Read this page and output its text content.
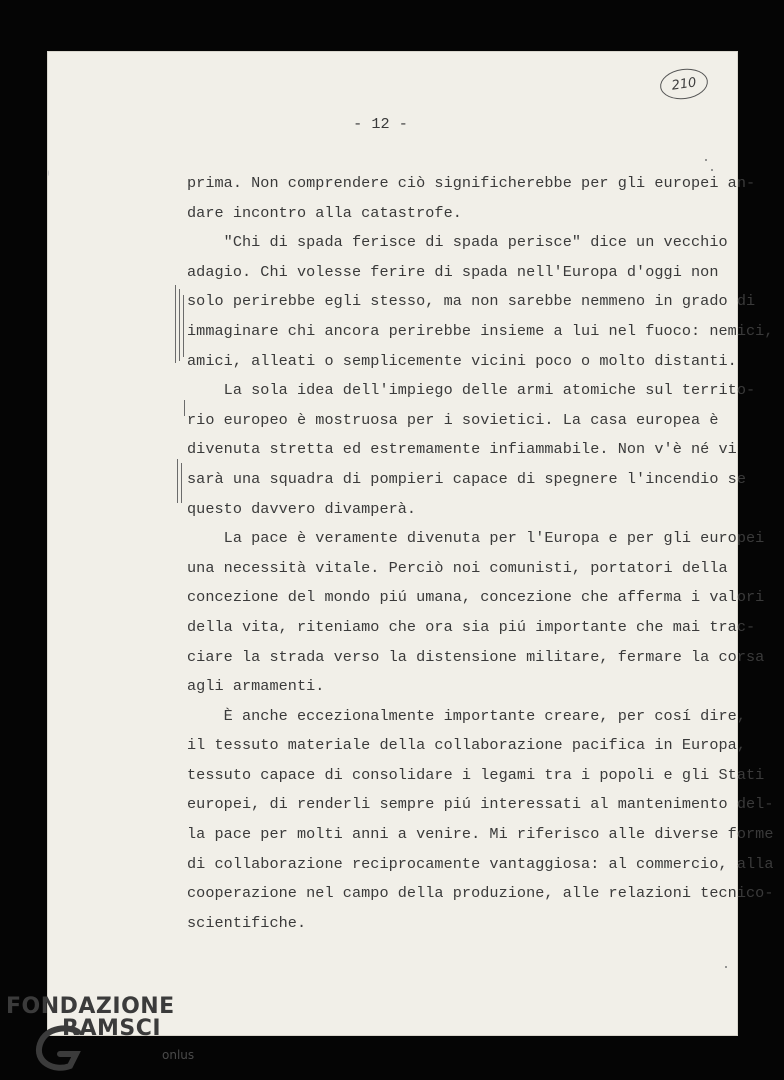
210
- 12 -
prima. Non comprendere ciò significherebbe per gli europei an-
dare incontro alla catastrofe.
"Chi di spada ferisce di spada perisce" dice un vecchio
adagio. Chi volesse ferire di spada nell'Europa d'oggi non
solo perirebbe egli stesso, ma non sarebbe nemmeno in grado di
immaginare chi ancora perirebbe insieme a lui nel fuoco: nemici,
amici, alleati o semplicemente vicini poco o molto distanti.
La sola idea dell'impiego delle armi atomiche sul territo-
rio europeo è mostruosa per i sovietici. La casa europea è
divenuta stretta ed estremamente infiammabile. Non v'è né vi
sarà una squadra di pompieri capace di spegnere l'incendio se
questo davvero divamperà.
La pace è veramente divenuta per l'Europa e per gli europei
una necessità vitale. Perciò noi comunisti, portatori della
concezione del mondo piú umana, concezione che afferma i valori
della vita, riteniamo che ora sia piú importante che mai trac-
ciare la strada verso la distensione militare, fermare la corsa
agli armamenti.
È anche eccezionalmente importante creare, per cosí dire,
il tessuto materiale della collaborazione pacifica in Europa,
tessuto capace di consolidare i legami tra i popoli e gli Stati
europei, di renderli sempre piú interessati al mantenimento del-
la pace per molti anni a venire. Mi riferisco alle diverse forme
di collaborazione reciprocamente vantaggiosa: al commercio, alla
cooperazione nel campo della produzione, alle relazioni tecnico-
scientifiche.
FONDAZIONE
RAMSCI
onlus
